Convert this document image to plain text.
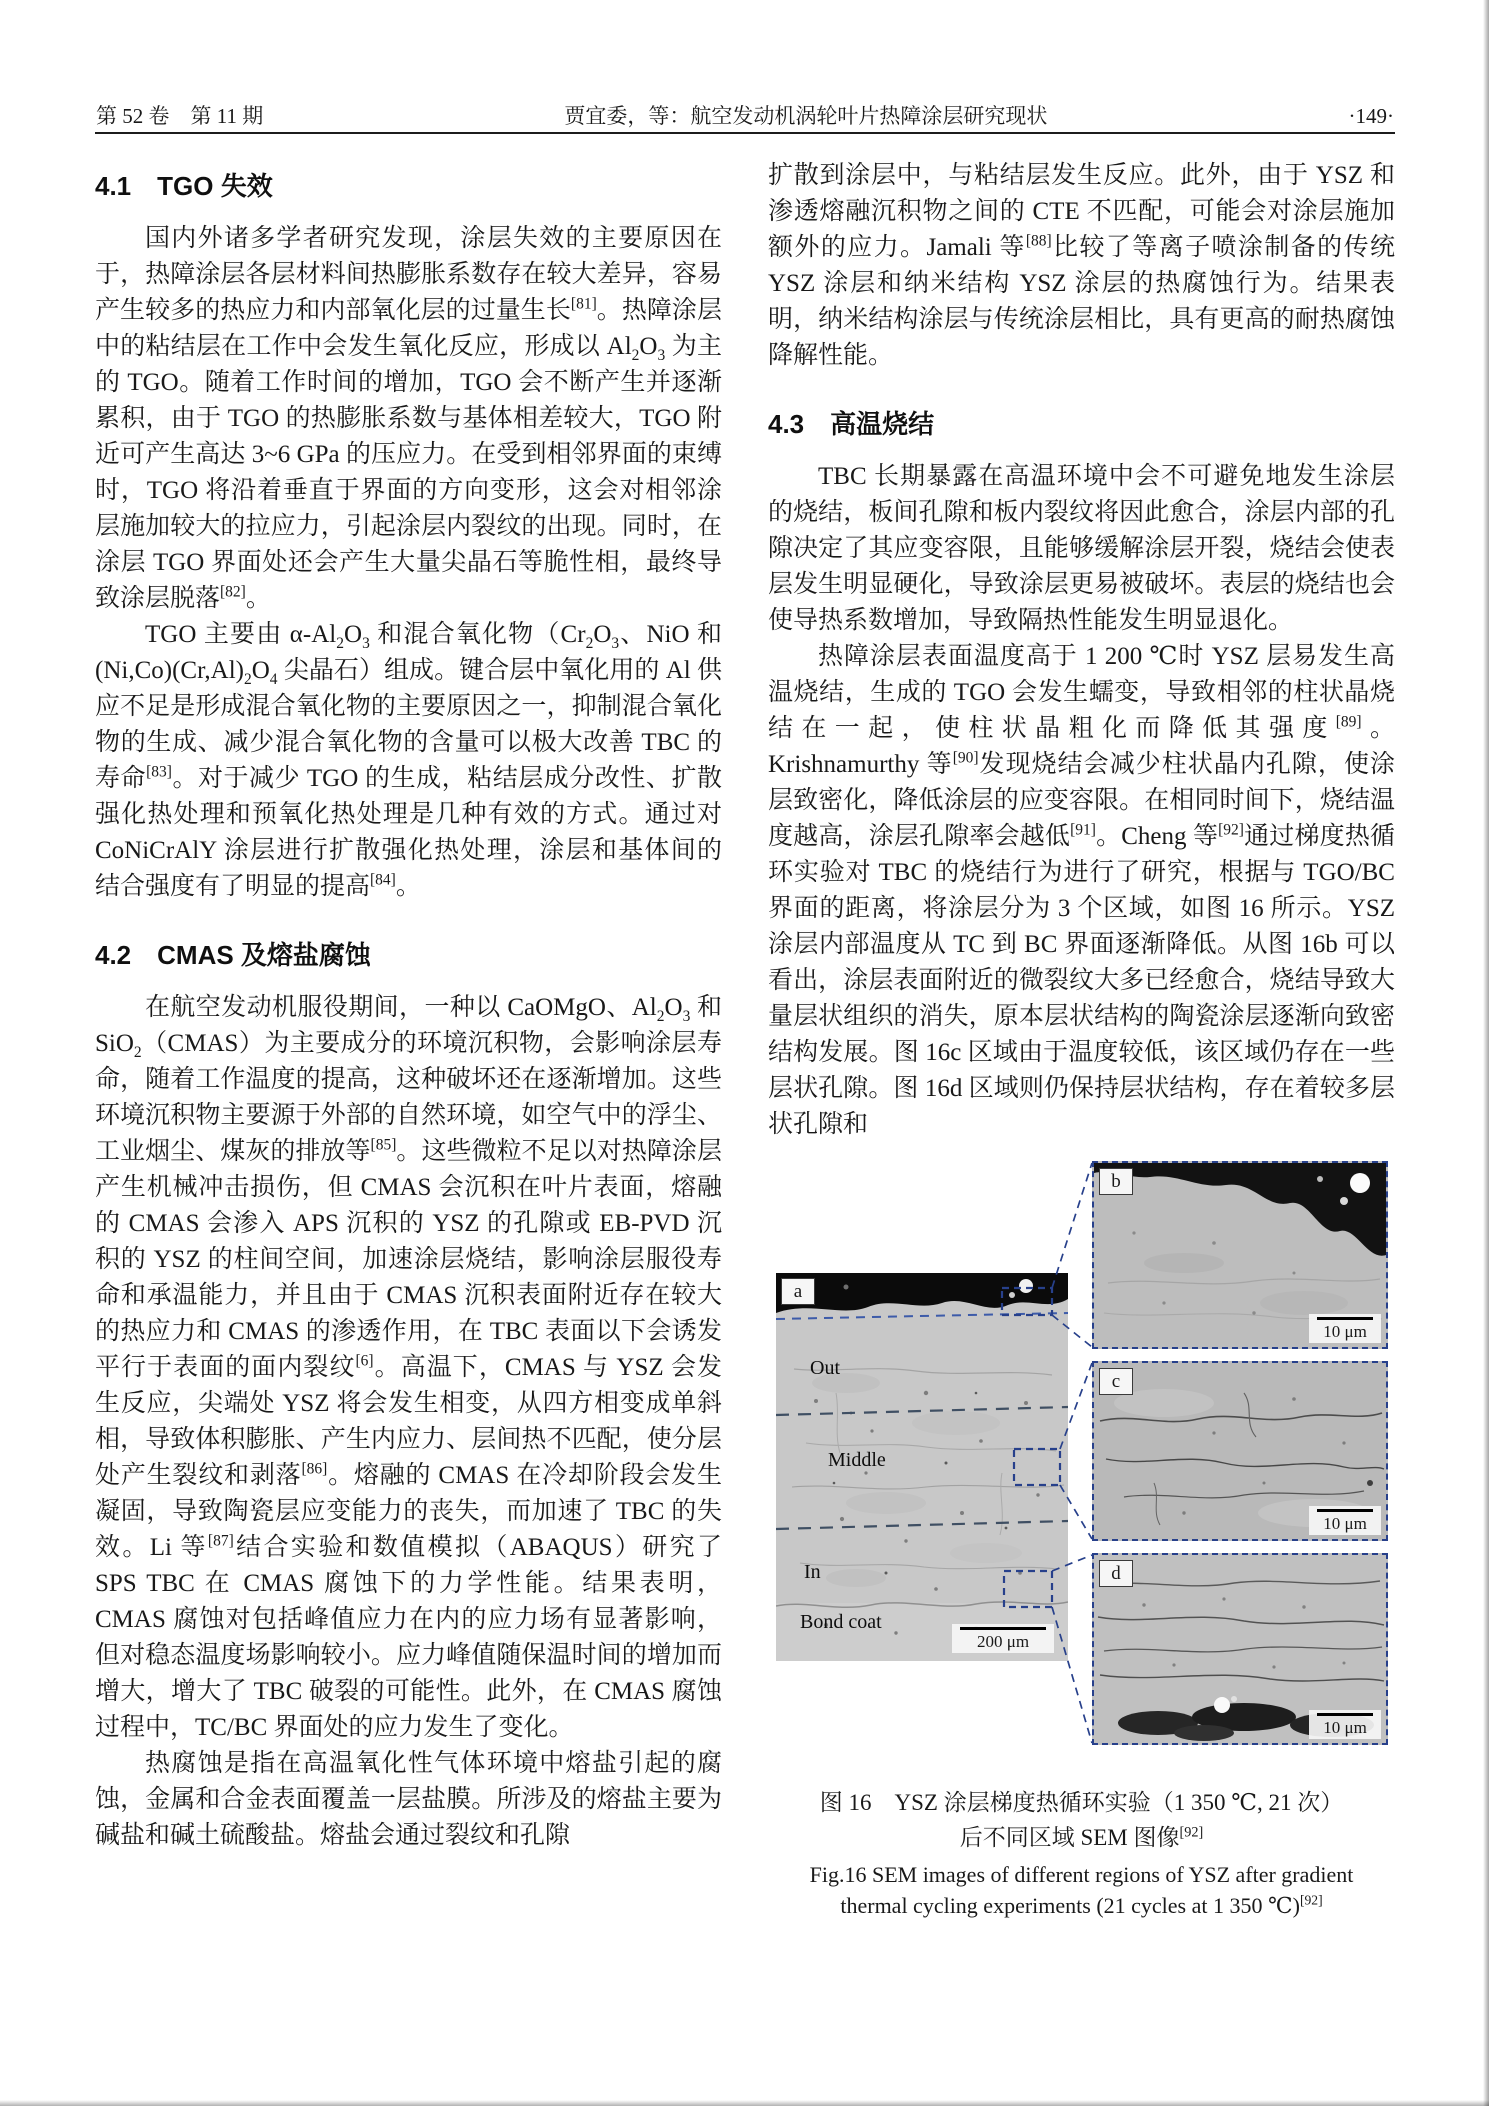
第 52 卷　第 11 期	贾宜委，等：航空发动机涡轮叶片热障涂层研究现状	·149·
4.1　TGO 失效

国内外诸多学者研究发现，涂层失效的主要原因在于，热障涂层各层材料间热膨胀系数存在较大差异，容易产生较多的热应力和内部氧化层的过量生长[81]。热障涂层中的粘结层在工作中会发生氧化反应，形成以 $Al_2O_3$ 为主的 TGO。随着工作时间的增加，TGO 会不断产生并逐渐累积，由于 TGO 的热膨胀系数与基体相差较大，TGO 附近可产生高达 3~6 GPa 的压应力。在受到相邻界面的束缚时，TGO 将沿着垂直于界面的方向变形，这会对相邻涂层施加较大的拉应力，引起涂层内裂纹的出现。同时，在涂层 TGO 界面处还会产生大量尖晶石等脆性相，最终导致涂层脱落[82]。

TGO 主要由 $\alpha-Al_2O_3$ 和混合氧化物（$Cr_2O_3$、NiO 和$(Ni,Co)(Cr,Al)_2O_4$ 尖晶石）组成。键合层中氧化用的 Al 供应不足是形成混合氧化物的主要原因之一，抑制混合氧化物的生成、减少混合氧化物的含量可以极大改善 TBC 的寿命[83]。对于减少 TGO 的生成，粘结层成分改性、扩散强化热处理和预氧化热处理是几种有效的方式。通过对 CoNiCrAlY 涂层进行扩散强化热处理，涂层和基体间的结合强度有了明显的提高[84]。

4.2　CMAS 及熔盐腐蚀

在航空发动机服役期间，一种以 CaOMgO、$Al_2O_3$ 和 SiO$_2$（CMAS）为主要成分的环境沉积物，会影响涂层寿命，随着工作温度的提高，这种破坏还在逐渐增加。这些环境沉积物主要源于外部的自然环境，如空气中的浮尘、工业烟尘、煤灰的排放等[85]。这些微粒不足以对热障涂层产生机械冲击损伤，但 CMAS 会沉积在叶片表面，熔融的 CMAS 会渗入 APS 沉积的 YSZ 的孔隙或 EB-PVD 沉积的 YSZ 的柱间空间，加速涂层烧结，影响涂层服役寿命和承温能力，并且由于 CMAS 沉积表面附近存在较大的热应力和 CMAS 的渗透作用，在 TBC 表面以下会诱发平行于表面的面内裂纹[6]。高温下，CMAS 与 YSZ 会发生反应，尖端处 YSZ 将会发生相变，从四方相变成单斜相，导致体积膨胀、产生内应力、层间热不匹配，使分层处产生裂纹和剥落[86]。熔融的 CMAS 在冷却阶段会发生凝固，导致陶瓷层应变能力的丧失，而加速了 TBC 的失效。Li 等[87]结合实验和数值模拟（ABAQUS）研究了 SPS TBC 在 CMAS 腐蚀下的力学性能。结果表明，CMAS 腐蚀对包括峰值应力在内的应力场有显著影响，但对稳态温度场影响较小。应力峰值随保温时间的增加而增大，增大了 TBC 破裂的可能性。此外，在 CMAS 腐蚀过程中，TC/BC 界面处的应力发生了变化。

热腐蚀是指在高温氧化性气体环境中熔盐引起的腐蚀，金属和合金表面覆盖一层盐膜。所涉及的熔盐主要为碱盐和碱土硫酸盐。熔盐会通过裂纹和孔隙

扩散到涂层中，与粘结层发生反应。此外，由于 YSZ 和渗透熔融沉积物之间的 CTE 不匹配，可能会对涂层施加额外的应力。Jamali 等[88]比较了等离子喷涂制备的传统 YSZ 涂层和纳米结构 YSZ 涂层的热腐蚀行为。结果表明，纳米结构涂层与传统涂层相比，具有更高的耐热腐蚀降解性能。

4.3　高温烧结

TBC 长期暴露在高温环境中会不可避免地发生涂层的烧结，板间孔隙和板内裂纹将因此愈合，涂层内部的孔隙决定了其应变容限，且能够缓解涂层开裂，烧结会使表层发生明显硬化，导致涂层更易被破坏。表层的烧结也会使导热系数增加，导致隔热性能发生明显退化。

热障涂层表面温度高于 1 200 ℃时 YSZ 层易发生高温烧结，生成的 TGO 会发生蠕变，导致相邻的柱状晶烧结在一起，使柱状晶粗化而降低其强度[89]。Krishnamurthy 等[90]发现烧结会减少柱状晶内孔隙，使涂层致密化，降低涂层的应变容限。在相同时间下，烧结温度越高，涂层孔隙率会越低[91]。Cheng 等[92]通过梯度热循环实验对 TBC 的烧结行为进行了研究，根据与 TGO/BC 界面的距离，将涂层分为 3 个区域，如图 16 所示。YSZ 涂层内部温度从 TC 到 BC 界面逐渐降低。从图 16b 可以看出，涂层表面附近的微裂纹大多已经愈合，烧结导致大量层状组织的消失，原本层状结构的陶瓷涂层逐渐向致密结构发展。图 16c 区域由于温度较低，该区域仍存在一些层状孔隙。图 16d 区域则仍保持层状结构，存在着较多层状孔隙和

a
Out
Middle
In
Bond coat
200 μm
b
10 μm
c
10 μm
d
10 μm
图 16　YSZ 涂层梯度热循环实验（1 350 ℃, 21 次）
后不同区域 SEM 图像[92]
Fig.16 SEM images of different regions of YSZ after gradient
thermal cycling experiments (21 cycles at 1 350 ℃)[92]
